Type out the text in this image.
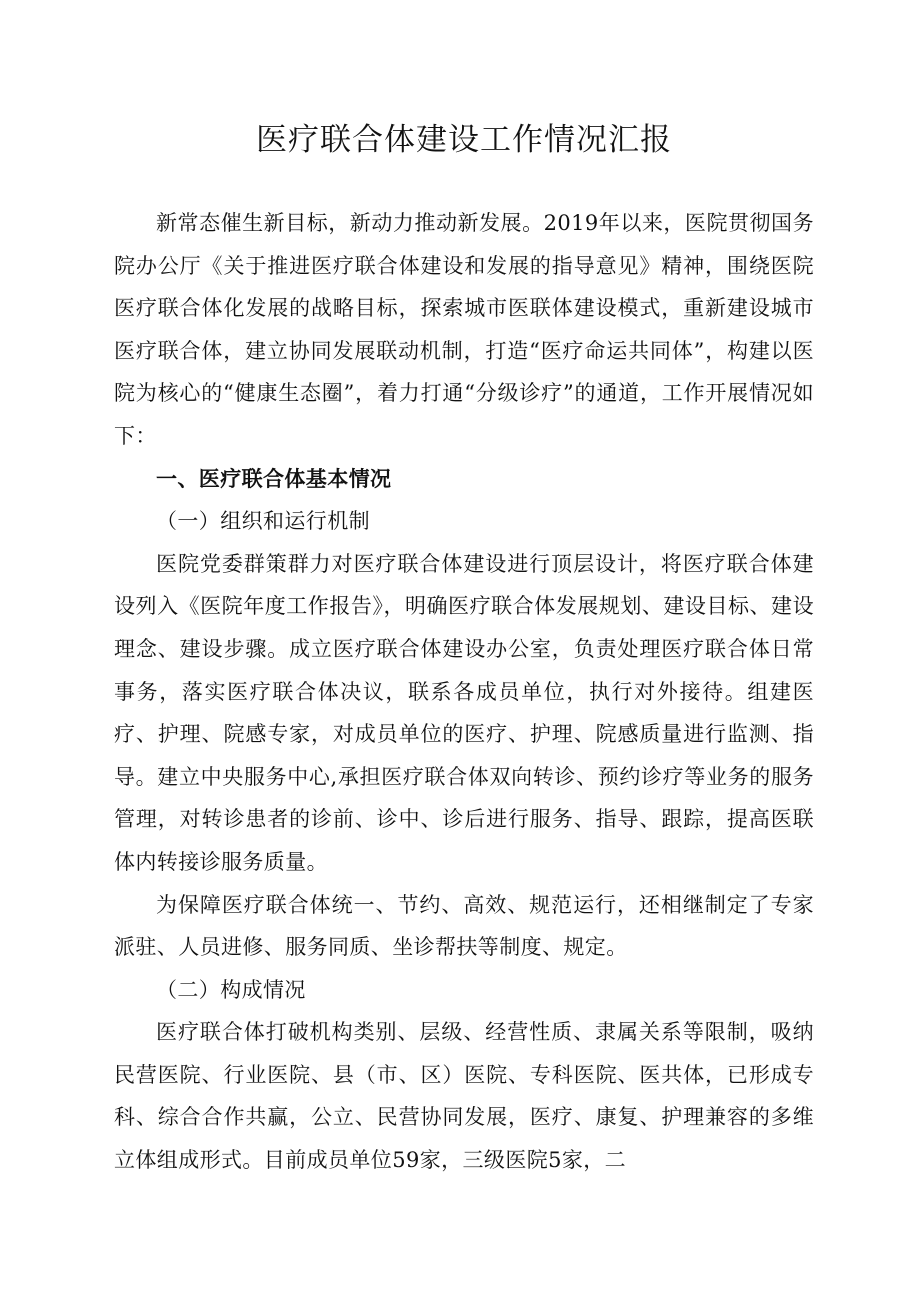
医疗联合体建设工作情况汇报

新常态催生新目标，新动力推动新发展。2019年以来，医院贯彻国务院办公厅《关于推进医疗联合体建设和发展的指导意见》精神，围绕医院医疗联合体化发展的战略目标，探索城市医联体建设模式，重新建设城市医疗联合体，建立协同发展联动机制，打造“医疗命运共同体”，构建以医院为核心的“健康生态圈”，着力打通“分级诊疗”的通道，工作开展情况如下：

一、医疗联合体基本情况
（一）组织和运行机制

医院党委群策群力对医疗联合体建设进行顶层设计，将医疗联合体建设列入《医院年度工作报告》，明确医疗联合体发展规划、建设目标、建设理念、建设步骤。成立医疗联合体建设办公室，负责处理医疗联合体日常事务，落实医疗联合体决议，联系各成员单位，执行对外接待。组建医疗、护理、院感专家，对成员单位的医疗、护理、院感质量进行监测、指导。建立中央服务中心,承担医疗联合体双向转诊、预约诊疗等业务的服务管理，对转诊患者的诊前、诊中、诊后进行服务、指导、跟踪，提高医联体内转接诊服务质量。

为保障医疗联合体统一、节约、高效、规范运行，还相继制定了专家派驻、人员进修、服务同质、坐诊帮扶等制度、规定。

（二）构成情况

医疗联合体打破机构类别、层级、经营性质、隶属关系等限制，吸纳民营医院、行业医院、县（市、区）医院、专科医院、医共体，已形成专科、综合合作共赢，公立、民营协同发展，医疗、康复、护理兼容的多维立体组成形式。目前成员单位59家，三级医院5家，二
